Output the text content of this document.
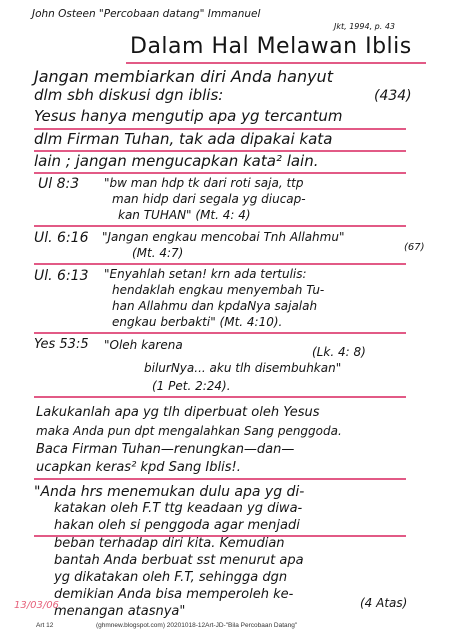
John Osteen "Percobaan datang" Immanuel
Jkt, 1994, p. 43
Dalam Hal Melawan Iblis
Jangan membiarkan diri Anda hanyut
dlm sbh diskusi dgn iblis:	(434)
Yesus hanya mengutip apa yg tercantum
dlm Firman Tuhan, tak ada dipakai kata
lain ; jangan mengucapkan kata² lain.
Ul 8:3 "bw man hdp tk dari roti saja, ttp
man hidp dari segala yg diucap-
kan TUHAN" (Mt. 4: 4)
Ul. 6:16 "Jangan engkau mencobai Tnh Allahmu"
(67)
(Mt. 4:7)
Ul. 6:13 "Enyahlah setan! krn ada tertulis:
hendaklah engkau menyembah Tu-
han Allahmu dan kpdaNya sajalah
engkau berbakti" (Mt. 4:10).
Yes 53:5 "Oleh karena	(Lk. 4: 8)
bilurNya... aku tlh disembuhkan"
(1 Pet. 2:24).
Lakukanlah apa yg tlh diperbuat oleh Yesus
maka Anda pun dpt mengalahkan Sang penggoda.
Baca Firman Tuhan—renungkan—dan—
ucapkan keras² kpd Sang Iblis!.
"Anda hrs menemukan dulu apa yg di-
katakan oleh F.T ttg keadaan yg diwa-
hakan oleh si penggoda agar menjadi
beban terhadap diri kita. Kemudian
bantah Anda berbuat sst menurut apa
yg dikatakan oleh F.T, sehingga dgn
demikian Anda bisa memperoleh ke-
menangan atasnya"
(4 Atas)
13/03/06
Art 12	(ghmnew.blogspot.com) 20201018-12Art-JD-"Bila Percobaan Datang"
